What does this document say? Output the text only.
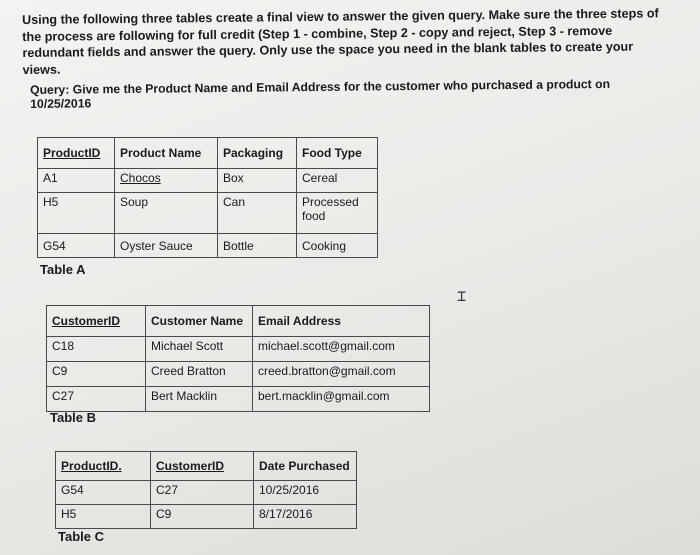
Using the following three tables create a final view to answer the given query. Make sure the three steps of the process are following for full credit (Step 1 - combine, Step 2 - copy and reject, Step 3 - remove redundant fields and answer the query. Only use the space you need in the blank tables to create your views.
Query: Give me the Product Name and Email Address for the customer who purchased a product on 10/25/2016
ProductID	Product Name	Packaging	Food Type
A1	Chocos	Box	Cereal
H5	Soup	Can	Processed food
G54	Oyster Sauce	Bottle	Cooking
Table A
CustomerID	Customer Name	Email Address
C18	Michael Scott	michael.scott@gmail.com
C9	Creed Bratton	creed.bratton@gmail.com
C27	Bert Macklin	bert.macklin@gmail.com
Table B
ProductID.	CustomerID	Date Purchased
G54	C27	10/25/2016
H5	C9	8/17/2016
Table C
⌶
